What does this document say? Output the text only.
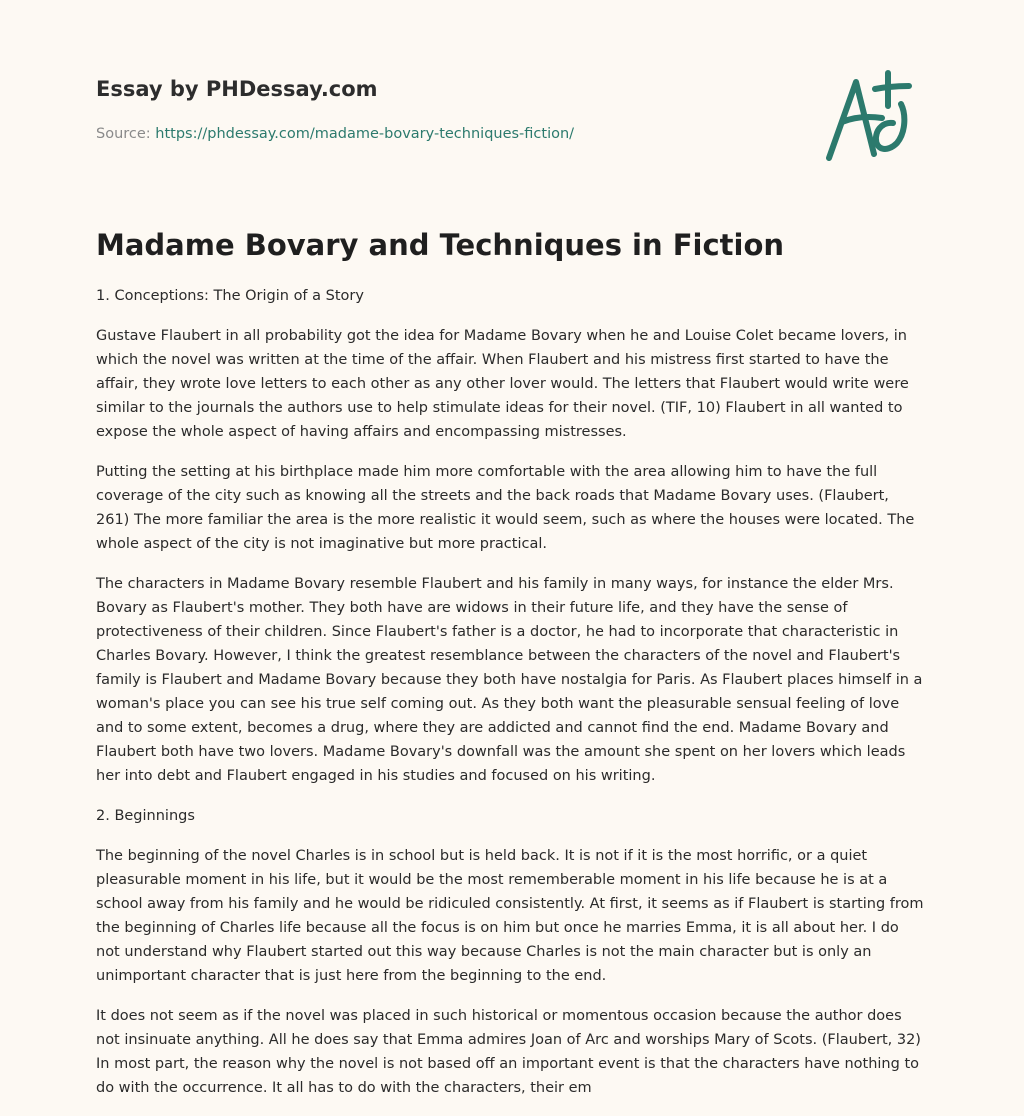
Essay by PHDessay.com
Source: https://phdessay.com/madame-bovary-techniques-fiction/
Madame Bovary and Techniques in Fiction
1. Conceptions: The Origin of a Story

Gustave Flaubert in all probability got the idea for Madame Bovary when he and Louise Colet became lovers, in which the novel was written at the time of the affair. When Flaubert and his mistress first started to have the affair, they wrote love letters to each other as any other lover would. The letters that Flaubert would write were similar to the journals the authors use to help stimulate ideas for their novel. (TIF, 10) Flaubert in all wanted to expose the whole aspect of having affairs and encompassing mistresses.

Putting the setting at his birthplace made him more comfortable with the area allowing him to have the full coverage of the city such as knowing all the streets and the back roads that Madame Bovary uses. (Flaubert, 261) The more familiar the area is the more realistic it would seem, such as where the houses were located. The whole aspect of the city is not imaginative but more practical.

The characters in Madame Bovary resemble Flaubert and his family in many ways, for instance the elder Mrs. Bovary as Flaubert's mother. They both have are widows in their future life, and they have the sense of protectiveness of their children. Since Flaubert's father is a doctor, he had to incorporate that characteristic in Charles Bovary. However, I think the greatest resemblance between the characters of the novel and Flaubert's family is Flaubert and Madame Bovary because they both have nostalgia for Paris. As Flaubert places himself in a woman's place you can see his true self coming out. As they both want the pleasurable sensual feeling of love and to some extent, becomes a drug, where they are addicted and cannot find the end. Madame Bovary and Flaubert both have two lovers. Madame Bovary's downfall was the amount she spent on her lovers which leads her into debt and Flaubert engaged in his studies and focused on his writing.

2. Beginnings

The beginning of the novel Charles is in school but is held back. It is not if it is the most horrific, or a quiet pleasurable moment in his life, but it would be the most rememberable moment in his life because he is at a school away from his family and he would be ridiculed consistently. At first, it seems as if Flaubert is starting from the beginning of Charles life because all the focus is on him but once he marries Emma, it is all about her. I do not understand why Flaubert started out this way because Charles is not the main character but is only an unimportant character that is just here from the beginning to the end.

It does not seem as if the novel was placed in such historical or momentous occasion because the author does not insinuate anything. All he does say that Emma admires Joan of Arc and worships Mary of Scots. (Flaubert, 32) In most part, the reason why the novel is not based off an important event is that the characters have nothing to do with the occurrence. It all has to do with the characters, their em
